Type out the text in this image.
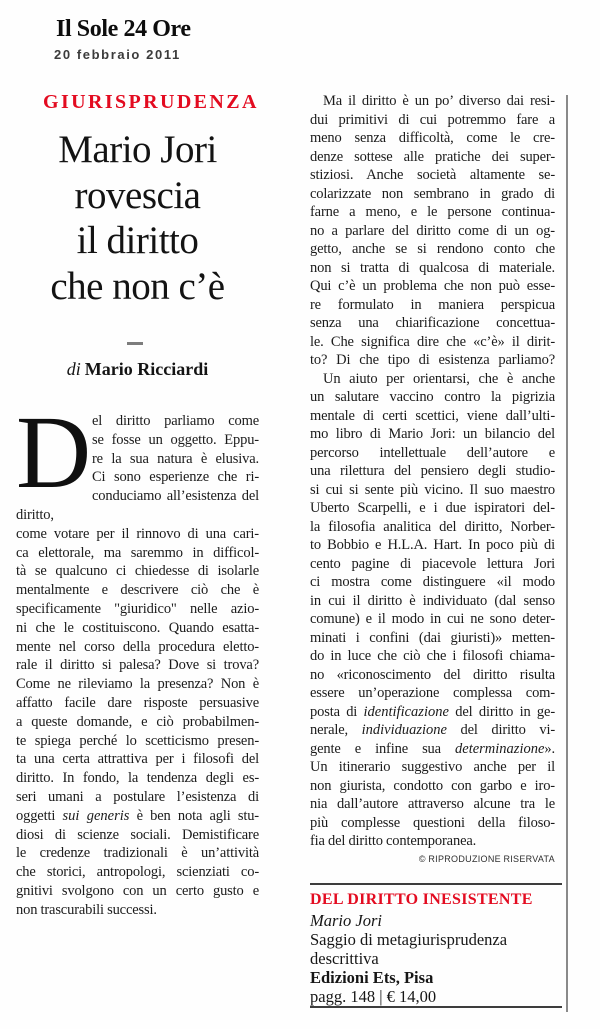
Il Sole 24 Ore
20 febbraio 2011
GIURISPRUDENZA
Mario Jori
rovescia
il diritto
che non c’è
di Mario Ricciardi
D el diritto parliamo come
se fosse un oggetto. Eppu-
re la sua natura è elusiva.
Ci sono esperienze che ri-
conduciamo all’esistenza del diritto,
come votare per il rinnovo di una cari-
ca elettorale, ma saremmo in difficol-
tà se qualcuno ci chiedesse di isolarle
mentalmente e descrivere ciò che è
specificamente "giuridico" nelle azio-
ni che le costituiscono. Quando esatta-
mente nel corso della procedura eletto-
rale il diritto si palesa? Dove si trova?
Come ne rileviamo la presenza? Non è
affatto facile dare risposte persuasive
a queste domande, e ciò probabilmen-
te spiega perché lo scetticismo presen-
ta una certa attrattiva per i filosofi del
diritto. In fondo, la tendenza degli es-
seri umani a postulare l’esistenza di
oggetti sui generis è ben nota agli stu-
diosi di scienze sociali. Demistificare
le credenze tradizionali è un’attività
che storici, antropologi, scienziati co-
gnitivi svolgono con un certo gusto e
non trascurabili successi.
Ma il diritto è un po’ diverso dai resi-
dui primitivi di cui potremmo fare a
meno senza difficoltà, come le cre-
denze sottese alle pratiche dei super-
stiziosi. Anche società altamente se-
colarizzate non sembrano in grado di
farne a meno, e le persone continua-
no a parlare del diritto come di un og-
getto, anche se si rendono conto che
non si tratta di qualcosa di materiale.
Qui c’è un problema che non può esse-
re formulato in maniera perspicua
senza una chiarificazione concettua-
le. Che significa dire che «c’è» il dirit-
to? Di che tipo di esistenza parliamo?
Un aiuto per orientarsi, che è anche
un salutare vaccino contro la pigrizia
mentale di certi scettici, viene dall’ulti-
mo libro di Mario Jori: un bilancio del
percorso intellettuale dell’autore e
una rilettura del pensiero degli studio-
si cui si sente più vicino. Il suo maestro
Uberto Scarpelli, e i due ispiratori del-
la filosofia analitica del diritto, Norber-
to Bobbio e H.L.A. Hart. In poco più di
cento pagine di piacevole lettura Jori
ci mostra come distinguere «il modo
in cui il diritto è individuato (dal senso
comune) e il modo in cui ne sono deter-
minati i confini (dai giuristi)» metten-
do in luce che ciò che i filosofi chiama-
no «riconoscimento del diritto risulta
essere un’operazione complessa com-
posta di identificazione del diritto in ge-
nerale, individuazione del diritto vi-
gente e infine sua determinazione».
Un itinerario suggestivo anche per il
non giurista, condotto con garbo e iro-
nia dall’autore attraverso alcune tra le
più complesse questioni della filoso-
fia del diritto contemporanea.
© RIPRODUZIONE RISERVATA
DEL DIRITTO INESISTENTE
Mario Jori
Saggio di metagiurisprudenza
descrittiva
Edizioni Ets, Pisa
pagg. 148 | € 14,00
